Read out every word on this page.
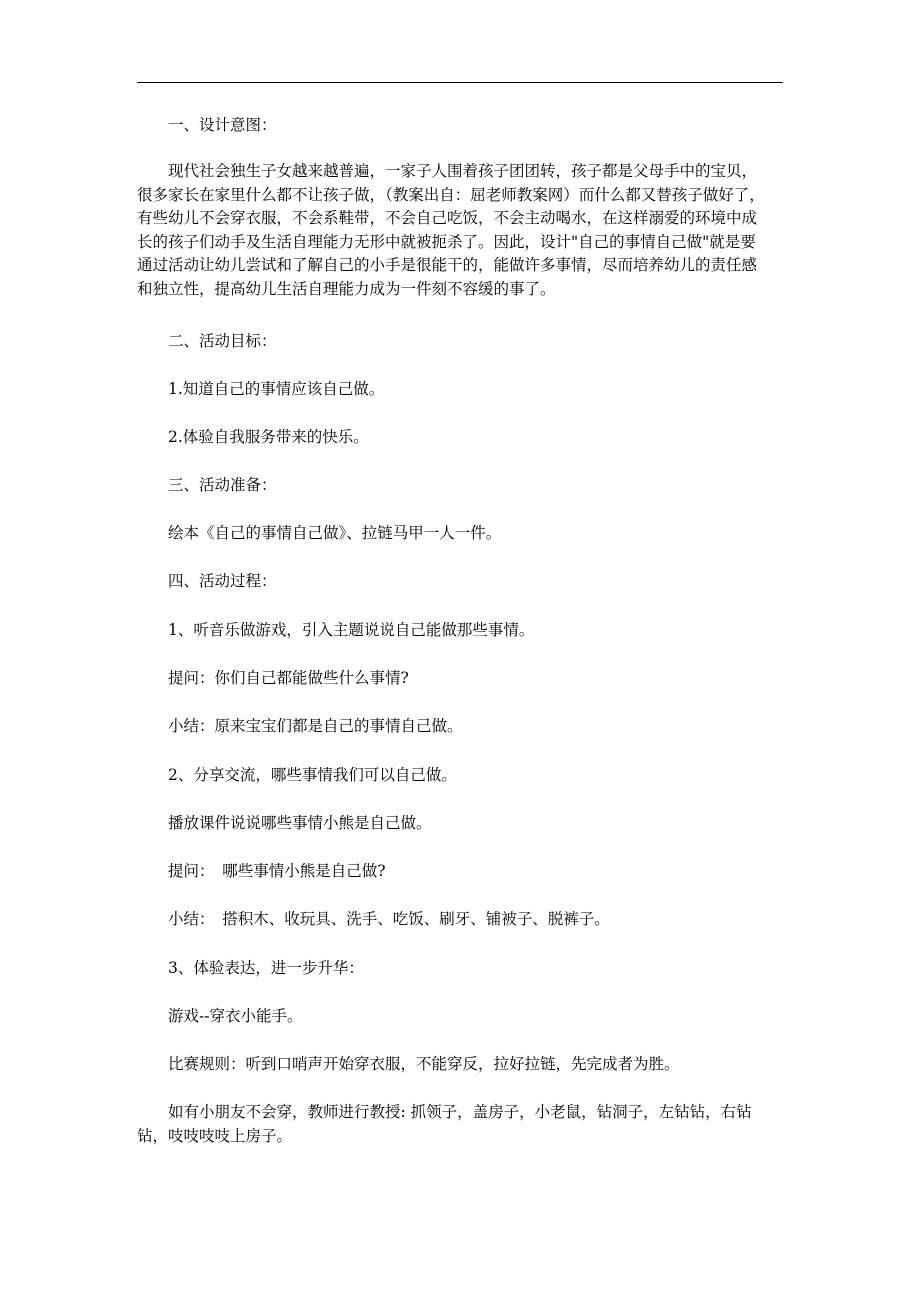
　　一、设计意图：

　　现代社会独生子女越来越普遍，一家子人围着孩子团团转，孩子都是父母手中的宝贝，
很多家长在家里什么都不让孩子做，（教案出自：屈老师教案网）而什么都又替孩子做好了，
有些幼儿不会穿衣服，不会系鞋带，不会自己吃饭，不会主动喝水，在这样溺爱的环境中成
长的孩子们动手及生活自理能力无形中就被扼杀了。因此，设计"自己的事情自己做"就是要
通过活动让幼儿尝试和了解自己的小手是很能干的，能做许多事情，尽而培养幼儿的责任感
和独立性，提高幼儿生活自理能力成为一件刻不容缓的事了。

　　二、活动目标：

　　1.知道自己的事情应该自己做。

　　2.体验自我服务带来的快乐。

　　三、活动准备：

　　绘本《自己的事情自己做》、拉链马甲一人一件。

　　四、活动过程：

　　1、听音乐做游戏，引入主题说说自己能做那些事情。

　　提问：你们自己都能做些什么事情?

　　小结：原来宝宝们都是自己的事情自己做。

　　2、分享交流，哪些事情我们可以自己做。

　　播放课件说说哪些事情小熊是自己做。

　　提问：　哪些事情小熊是自己做?

　　小结：　搭积木、收玩具、洗手、吃饭、刷牙、铺被子、脱裤子。

　　3、体验表达，进一步升华：

　　游戏--穿衣小能手。

　　比赛规则：听到口哨声开始穿衣服，不能穿反，拉好拉链，先完成者为胜。

　　如有小朋友不会穿，教师进行教授: 抓领子，盖房子，小老鼠，钻洞子，左钻钻，右钻
钻，吱吱吱吱上房子。
